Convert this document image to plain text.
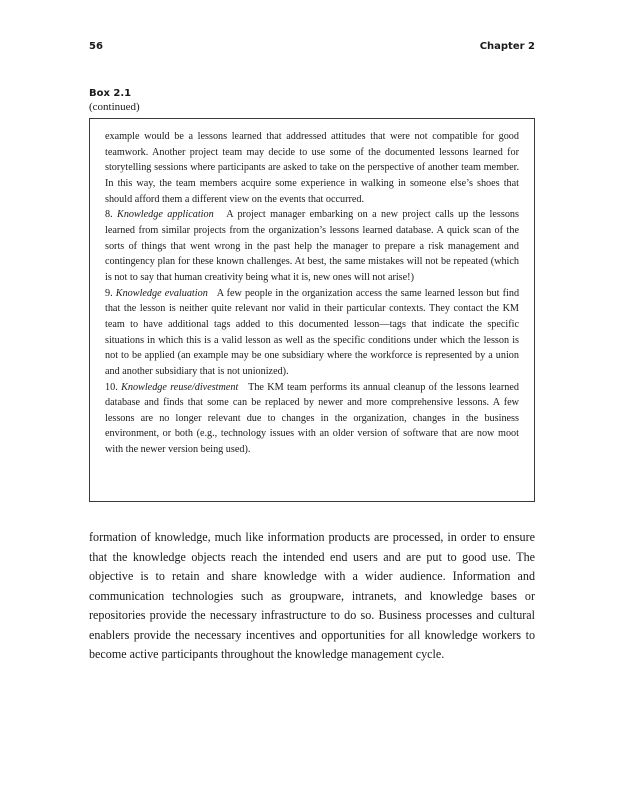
56	Chapter 2
Box 2.1
(continued)

example would be a lessons learned that addressed attitudes that were not compatible for good teamwork. Another project team may decide to use some of the documented lessons learned for storytelling sessions where participants are asked to take on the perspective of another team member. In this way, the team members acquire some experience in walking in someone else’s shoes that should afford them a different view on the events that occurred.

8. Knowledge application A project manager embarking on a new project calls up the lessons learned from similar projects from the organization’s lessons learned database. A quick scan of the sorts of things that went wrong in the past help the manager to prepare a risk management and contingency plan for these known challenges. At best, the same mistakes will not be repeated (which is not to say that human creativity being what it is, new ones will not arise!)

9. Knowledge evaluation A few people in the organization access the same learned lesson but find that the lesson is neither quite relevant nor valid in their particular contexts. They contact the KM team to have additional tags added to this documented lesson—tags that indicate the specific situations in which this is a valid lesson as well as the specific conditions under which the lesson is not to be applied (an example may be one subsidiary where the workforce is represented by a union and another subsidiary that is not unionized).

10. Knowledge reuse/divestment The KM team performs its annual cleanup of the lessons learned database and finds that some can be replaced by newer and more comprehensive lessons. A few lessons are no longer relevant due to changes in the organization, changes in the business environment, or both (e.g., technology issues with an older version of software that are now moot with the newer version being used).

formation of knowledge, much like information products are processed, in order to ensure that the knowledge objects reach the intended end users and are put to good use. The objective is to retain and share knowledge with a wider audience. Information and communication technologies such as groupware, intranets, and knowledge bases or repositories provide the necessary infrastructure to do so. Business processes and cultural enablers provide the necessary incentives and opportunities for all knowledge workers to become active participants throughout the knowledge management cycle.
